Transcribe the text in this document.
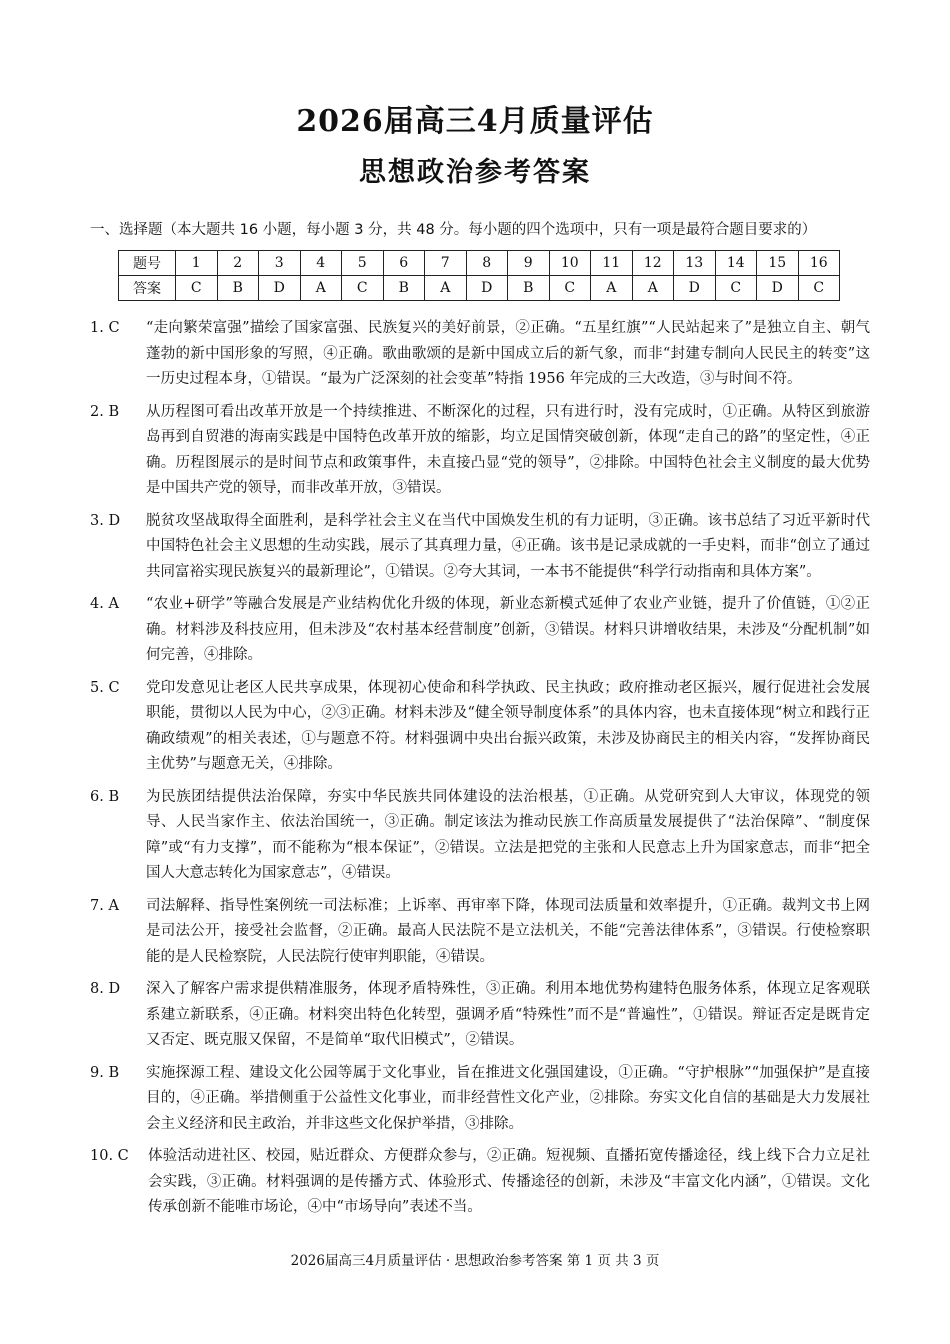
2026届高三4月质量评估
思想政治参考答案
一、选择题（本大题共 16 小题，每小题 3 分，共 48 分。每小题的四个选项中，只有一项是最符合题目要求的）
题号	1	2	3	4	5	6	7	8	9	10	11	12	13	14	15	16
答案	C	B	D	A	C	B	A	D	B	C	A	A	D	C	D	C
1. C “走向繁荣富强”描绘了国家富强、民族复兴的美好前景，②正确。“五星红旗”“人民站起来了”是独立自主、朝气蓬勃的新中国形象的写照，④正确。歌曲歌颂的是新中国成立后的新气象，而非“封建专制向人民民主的转变”这一历史过程本身，①错误。“最为广泛深刻的社会变革”特指 1956 年完成的三大改造，③与时间不符。
2. B 从历程图可看出改革开放是一个持续推进、不断深化的过程，只有进行时，没有完成时，①正确。从特区到旅游岛再到自贸港的海南实践是中国特色改革开放的缩影，均立足国情突破创新，体现“走自己的路”的坚定性，④正确。历程图展示的是时间节点和政策事件，未直接凸显“党的领导”，②排除。中国特色社会主义制度的最大优势是中国共产党的领导，而非改革开放，③错误。
3. D 脱贫攻坚战取得全面胜利，是科学社会主义在当代中国焕发生机的有力证明，③正确。该书总结了习近平新时代中国特色社会主义思想的生动实践，展示了其真理力量，④正确。该书是记录成就的一手史料，而非“创立了通过共同富裕实现民族复兴的最新理论”，①错误。②夸大其词，一本书不能提供“科学行动指南和具体方案”。
4. A “农业+研学”等融合发展是产业结构优化升级的体现，新业态新模式延伸了农业产业链，提升了价值链，①②正确。材料涉及科技应用，但未涉及“农村基本经营制度”创新，③错误。材料只讲增收结果，未涉及“分配机制”如何完善，④排除。
5. C 党印发意见让老区人民共享成果，体现初心使命和科学执政、民主执政；政府推动老区振兴，履行促进社会发展职能，贯彻以人民为中心，②③正确。材料未涉及“健全领导制度体系”的具体内容，也未直接体现“树立和践行正确政绩观”的相关表述，①与题意不符。材料强调中央出台振兴政策，未涉及协商民主的相关内容，“发挥协商民主优势”与题意无关，④排除。
6. B 为民族团结提供法治保障，夯实中华民族共同体建设的法治根基，①正确。从党研究到人大审议，体现党的领导、人民当家作主、依法治国统一，③正确。制定该法为推动民族工作高质量发展提供了“法治保障”、“制度保障”或“有力支撑”，而不能称为“根本保证”，②错误。立法是把党的主张和人民意志上升为国家意志，而非“把全国人大意志转化为国家意志”，④错误。
7. A 司法解释、指导性案例统一司法标准；上诉率、再审率下降，体现司法质量和效率提升，①正确。裁判文书上网是司法公开，接受社会监督，②正确。最高人民法院不是立法机关，不能“完善法律体系”，③错误。行使检察职能的是人民检察院，人民法院行使审判职能，④错误。
8. D 深入了解客户需求提供精准服务，体现矛盾特殊性，③正确。利用本地优势构建特色服务体系，体现立足客观联系建立新联系，④正确。材料突出特色化转型，强调矛盾“特殊性”而不是“普遍性”，①错误。辩证否定是既肯定又否定、既克服又保留，不是简单“取代旧模式”，②错误。
9. B 实施探源工程、建设文化公园等属于文化事业，旨在推进文化强国建设，①正确。“守护根脉”“加强保护”是直接目的，④正确。举措侧重于公益性文化事业，而非经营性文化产业，②排除。夯实文化自信的基础是大力发展社会主义经济和民主政治，并非这些文化保护举措，③排除。
10. C 体验活动进社区、校园，贴近群众、方便群众参与，②正确。短视频、直播拓宽传播途径，线上线下合力立足社会实践，③正确。材料强调的是传播方式、体验形式、传播途径的创新，未涉及“丰富文化内涵”，①错误。文化传承创新不能唯市场论，④中“市场导向”表述不当。
2026届高三4月质量评估 · 思想政治参考答案 第 1 页 共 3 页
